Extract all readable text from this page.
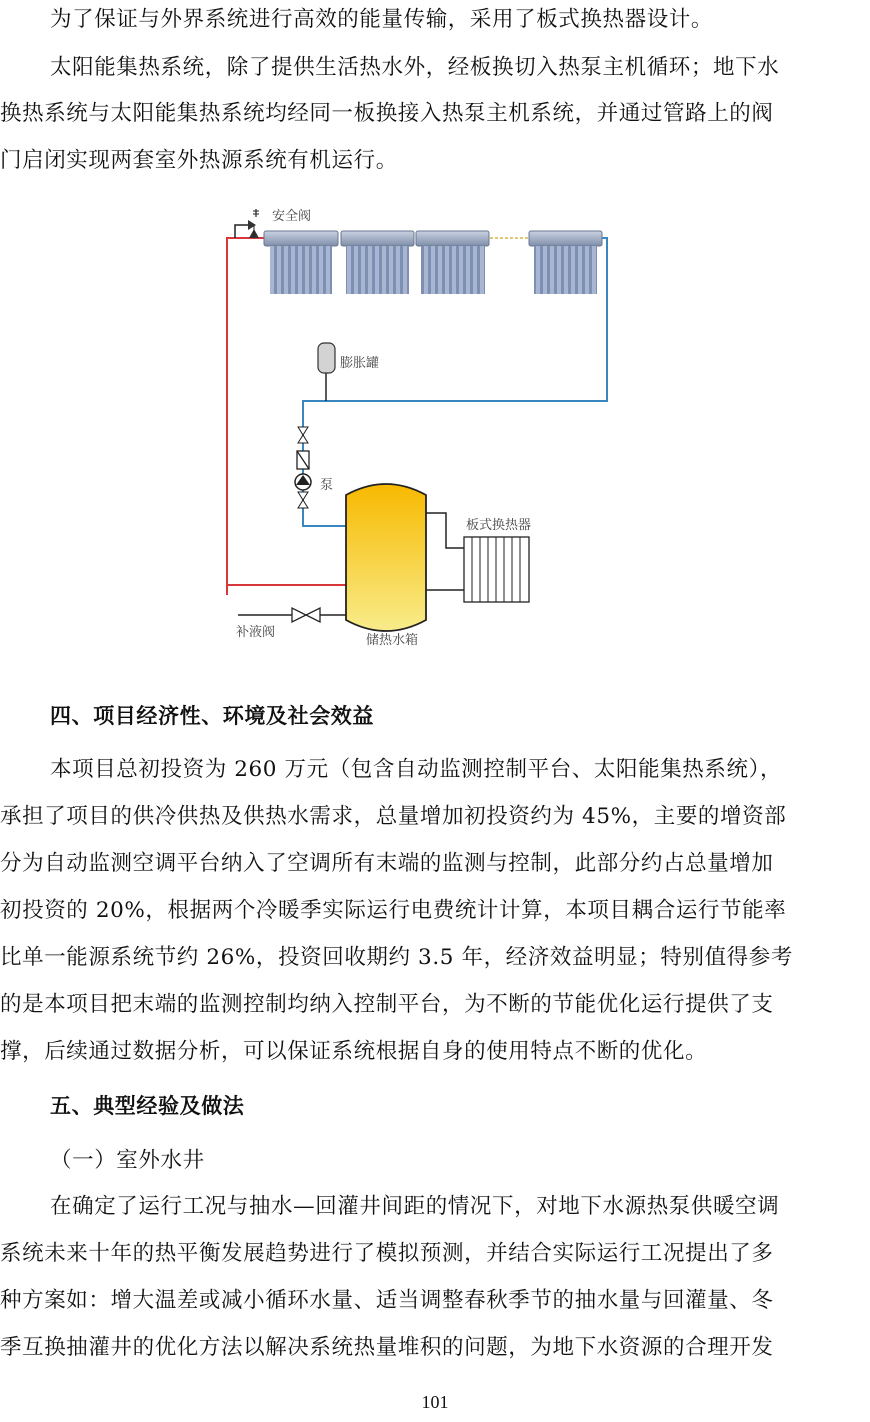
为了保证与外界系统进行高效的能量传输，采用了板式换热器设计。
太阳能集热系统，除了提供生活热水外，经板换切入热泵主机循环；地下水
换热系统与太阳能集热系统均经同一板换接入热泵主机系统，并通过管路上的阀
门启闭实现两套室外热源系统有机运行。
安全阀
膨胀罐
泵
储热水箱
板式换热器
补液阀
四、项目经济性、环境及社会效益
本项目总初投资为 260 万元（包含自动监测控制平台、太阳能集热系统），
承担了项目的供冷供热及供热水需求，总量增加初投资约为 45%，主要的增资部
分为自动监测空调平台纳入了空调所有末端的监测与控制，此部分约占总量增加
初投资的 20%，根据两个冷暖季实际运行电费统计计算，本项目耦合运行节能率
比单一能源系统节约 26%，投资回收期约 3.5 年，经济效益明显；特别值得参考
的是本项目把末端的监测控制均纳入控制平台，为不断的节能优化运行提供了支
撑，后续通过数据分析，可以保证系统根据自身的使用特点不断的优化。
五、典型经验及做法
（一）室外水井
在确定了运行工况与抽水—回灌井间距的情况下，对地下水源热泵供暖空调
系统未来十年的热平衡发展趋势进行了模拟预测，并结合实际运行工况提出了多
种方案如：增大温差或减小循环水量、适当调整春秋季节的抽水量与回灌量、冬
季互换抽灌井的优化方法以解决系统热量堆积的问题，为地下水资源的合理开发
101
